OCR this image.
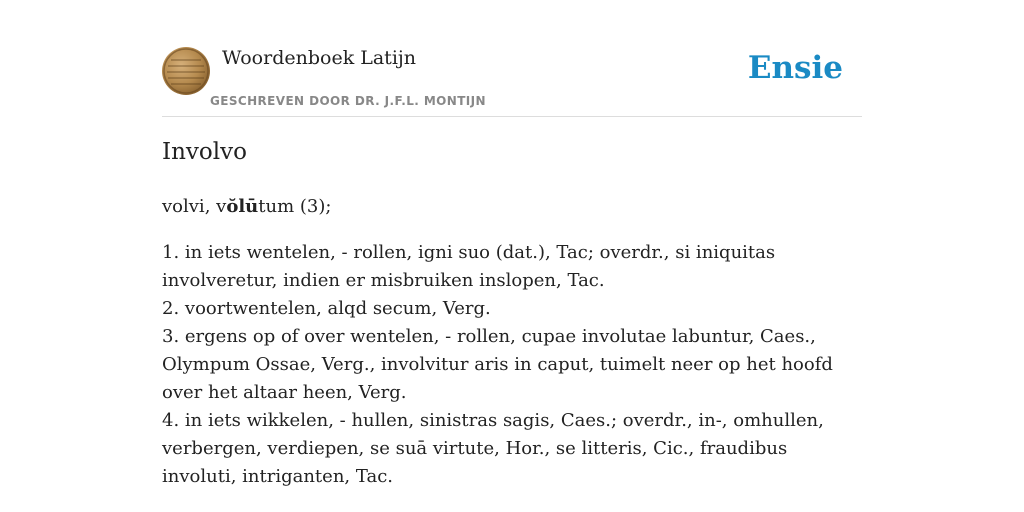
Woordenboek Latijn
GESCHREVEN DOOR DR. J.F.L. MONTIJN
Ensie
Involvo
volvi, vŏlūtum (3);
1. in iets wentelen, - rollen, igni suo (dat.), Tac; overdr., si iniquitas involveretur, indien er misbruiken inslopen, Tac.
2. voortwentelen, alqd secum, Verg.
3. ergens op of over wentelen, - rollen, cupae involutae labuntur, Caes., Olympum Ossae, Verg., involvitur aris in caput, tuimelt neer op het hoofd over het altaar heen, Verg.
4. in iets wikkelen, - hullen, sinistras sagis, Caes.; overdr., in-, omhullen, verbergen, verdiepen, se suā virtute, Hor., se litteris, Cic., fraudibus involuti, intriganten, Tac.
